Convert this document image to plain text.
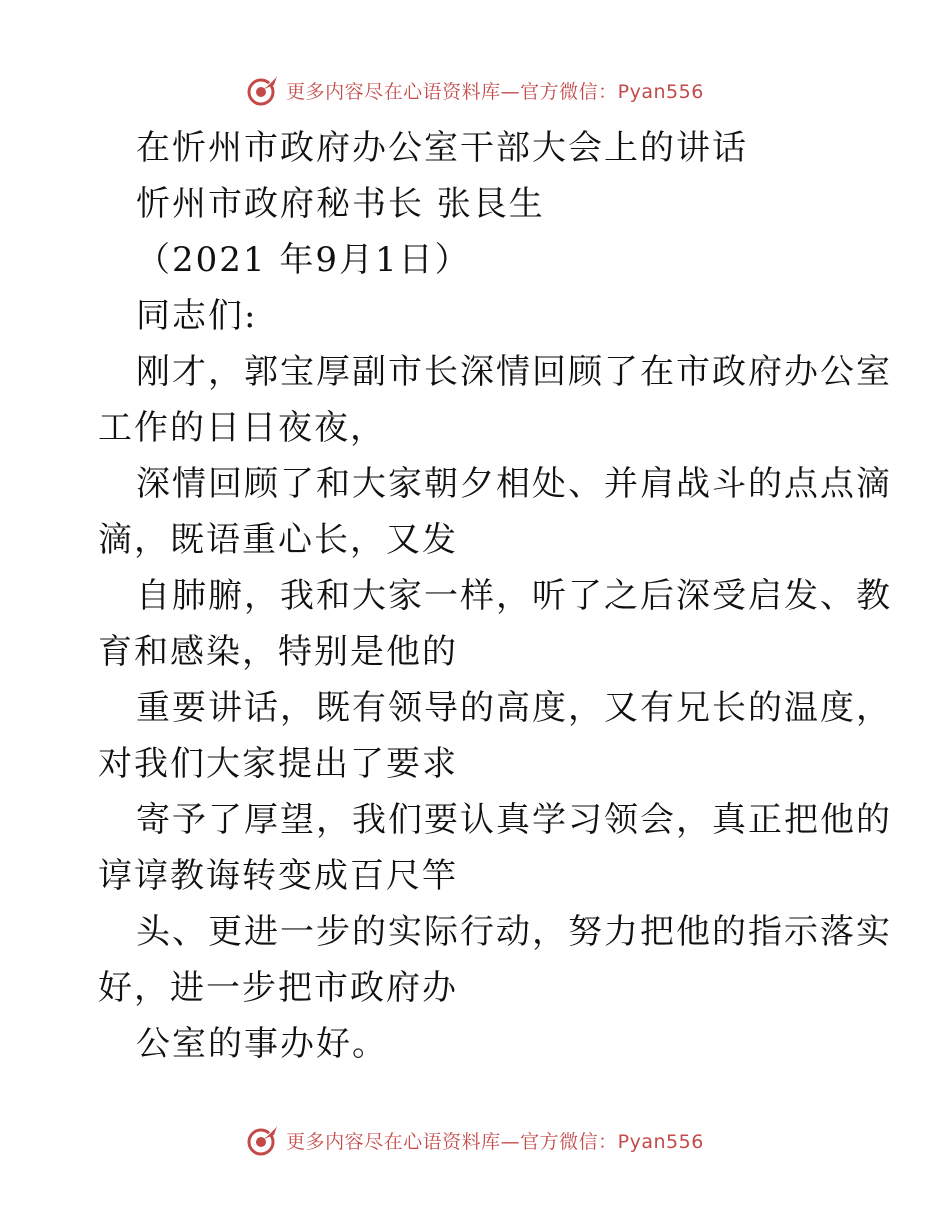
更多内容尽在心语资料库—官方微信：Pyan556
在忻州市政府办公室干部大会上的讲话
忻州市政府秘书长 张艮生
（2021 年9月1日）
同志们:
刚才，郭宝厚副市长深情回顾了在市政府办公室
工作的日日夜夜，
深情回顾了和大家朝夕相处、并肩战斗的点点滴
滴，既语重心长，又发
自肺腑，我和大家一样，听了之后深受启发、教
育和感染，特别是他的
重要讲话，既有领导的高度，又有兄长的温度，
对我们大家提出了要求
寄予了厚望，我们要认真学习领会，真正把他的
谆谆教诲转变成百尺竿
头、更进一步的实际行动，努力把他的指示落实
好，进一步把市政府办
公室的事办好。
更多内容尽在心语资料库—官方微信：Pyan556
